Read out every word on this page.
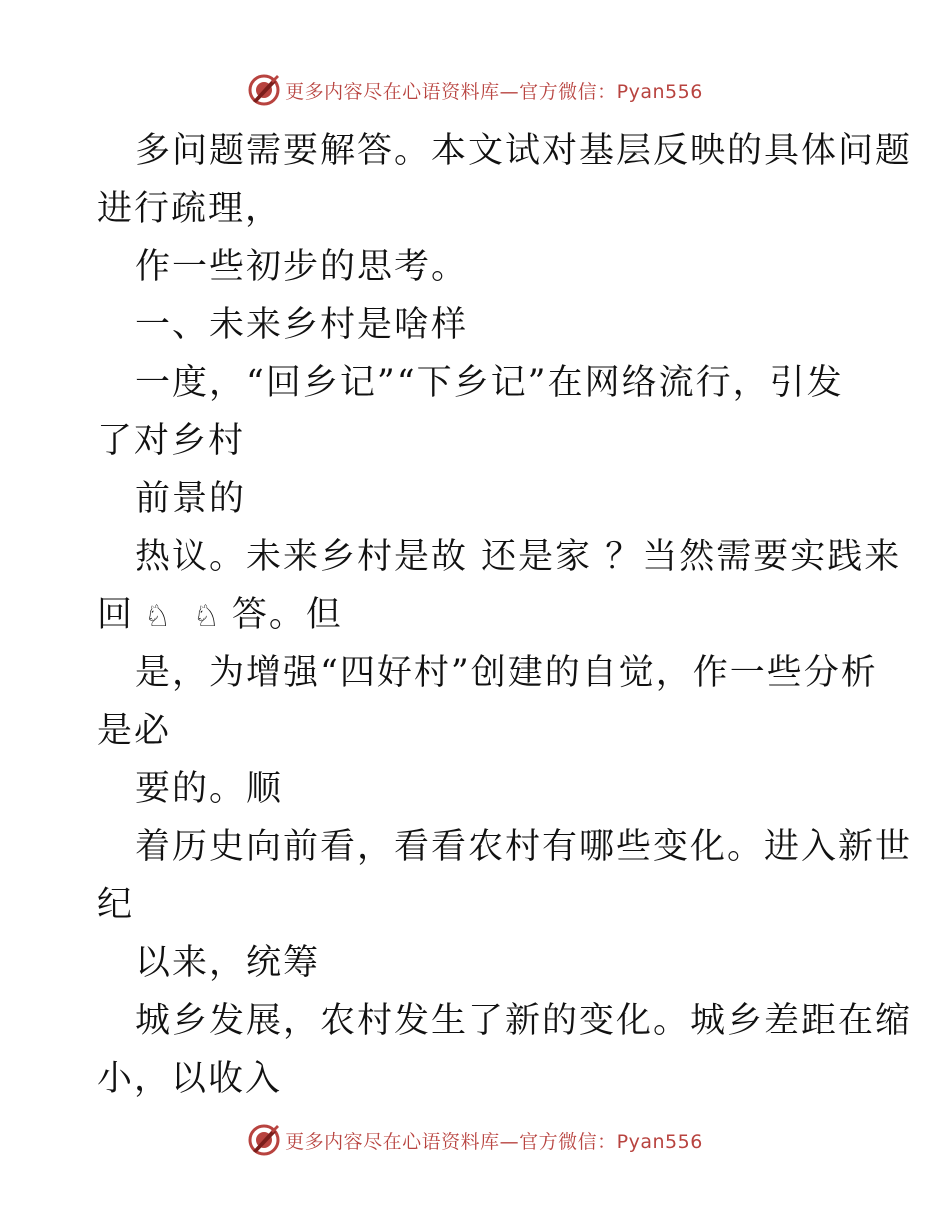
更多内容尽在心语资料库—官方微信：Pyan556
多问题需要解答。本文试对基层反映的具体问题
进行疏理，
作一些初步的思考。
一、未来乡村是啥样
一度，“回乡记”“下乡记”在网络流行，引发
了对乡村
前景的
热议。未来乡村是故 还是家 ？当然需要实践来
回 ♘ ♘ 答。但
是，为增强“四好村”创建的自觉，作一些分析
是必
要的。顺
着历史向前看，看看农村有哪些变化。进入新世
纪
以来，统筹
城乡发展，农村发生了新的变化。城乡差距在缩
小，以收入
更多内容尽在心语资料库—官方微信：Pyan556
